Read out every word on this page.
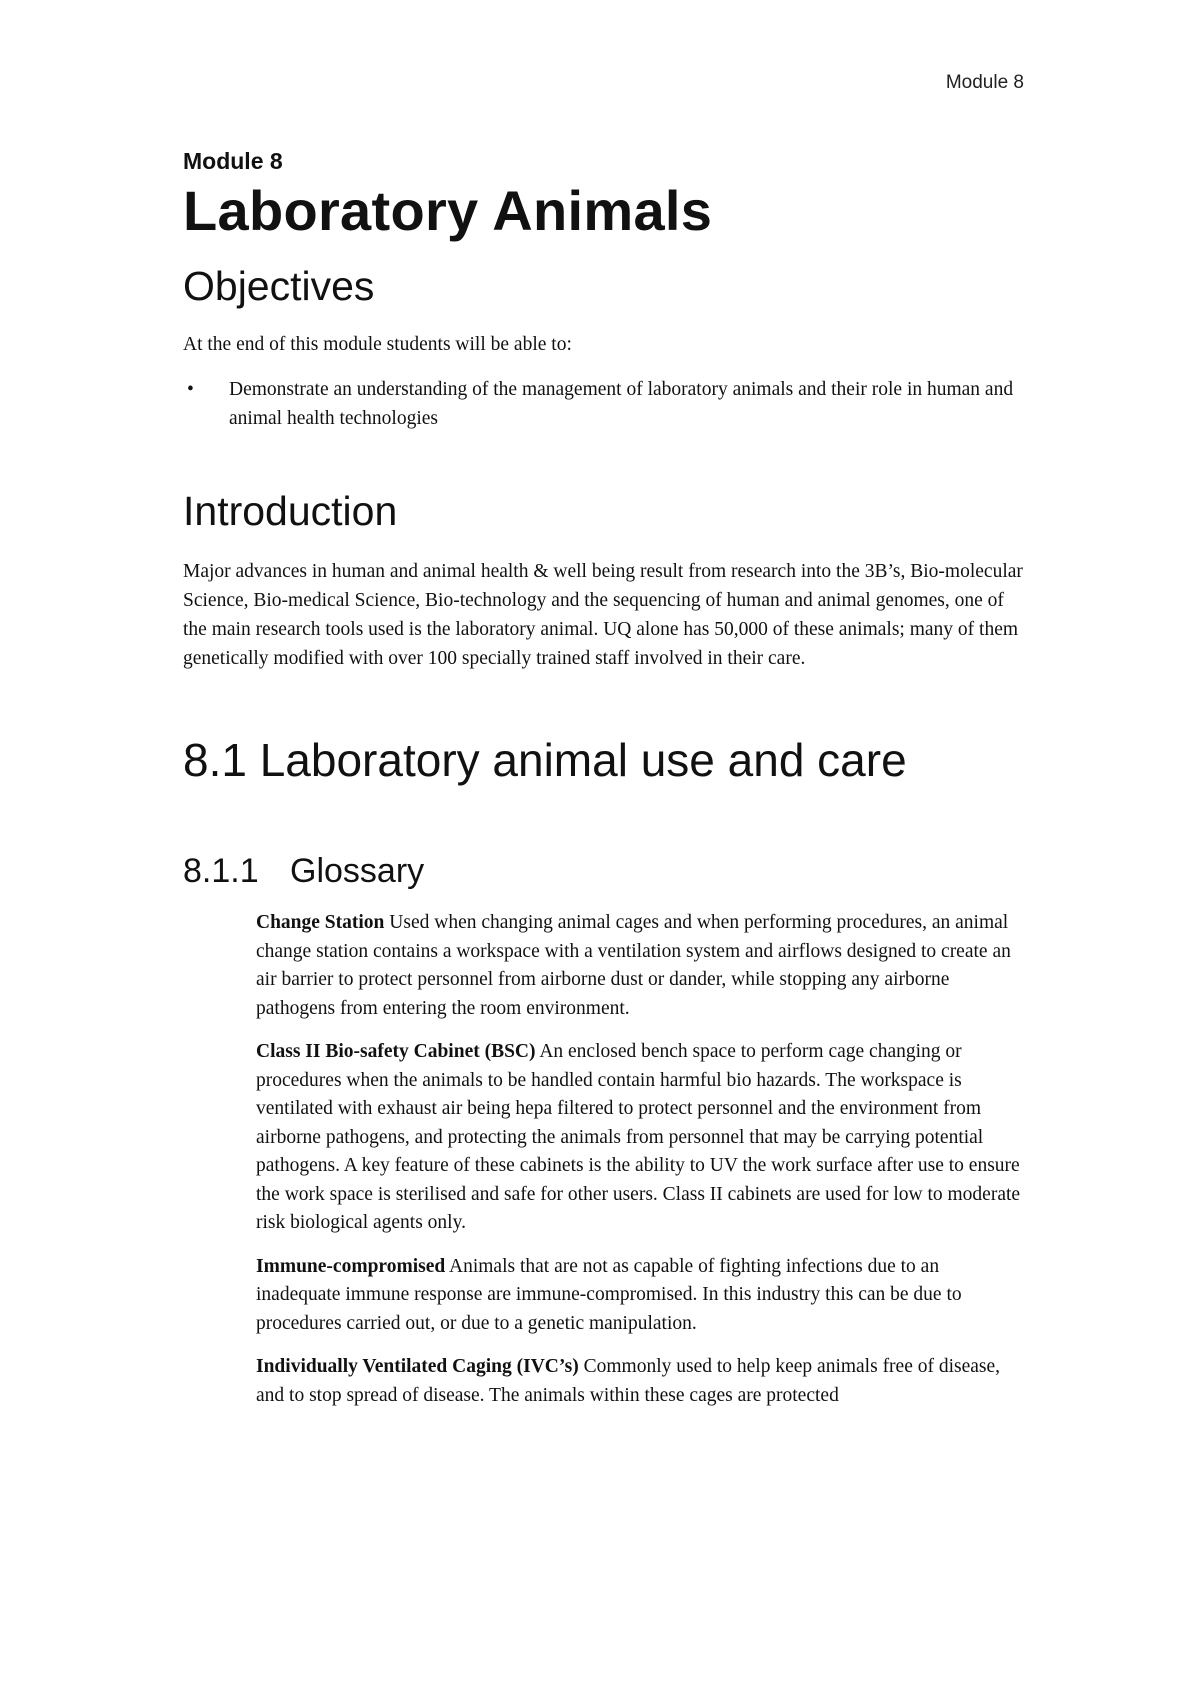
Module 8
Module 8
Laboratory Animals
Objectives

At the end of this module students will be able to:

• Demonstrate an understanding of the management of laboratory animals and their role in human and animal health technologies
Introduction

Major advances in human and animal health & well being result from research into the 3B’s, Bio-molecular Science, Bio-medical Science, Bio-technology and the sequencing of human and animal genomes, one of the main research tools used is the laboratory animal. UQ alone has 50,000 of these animals; many of them genetically modified with over 100 specially trained staff involved in their care.

8.1 Laboratory animal use and care
8.1.1 Glossary

Change Station Used when changing animal cages and when performing procedures, an animal change station contains a workspace with a ventilation system and airflows designed to create an air barrier to protect personnel from airborne dust or dander, while stopping any airborne pathogens from entering the room environment.

Class II Bio-safety Cabinet (BSC) An enclosed bench space to perform cage changing or procedures when the animals to be handled contain harmful bio hazards. The workspace is ventilated with exhaust air being hepa filtered to protect personnel and the environment from airborne pathogens, and protecting the animals from personnel that may be carrying potential pathogens. A key feature of these cabinets is the ability to UV the work surface after use to ensure the work space is sterilised and safe for other users. Class II cabinets are used for low to moderate risk biological agents only.

Immune-compromised Animals that are not as capable of fighting infections due to an inadequate immune response are immune-compromised. In this industry this can be due to procedures carried out, or due to a genetic manipulation.

Individually Ventilated Caging (IVC’s) Commonly used to help keep animals free of disease, and to stop spread of disease. The animals within these cages are protected
